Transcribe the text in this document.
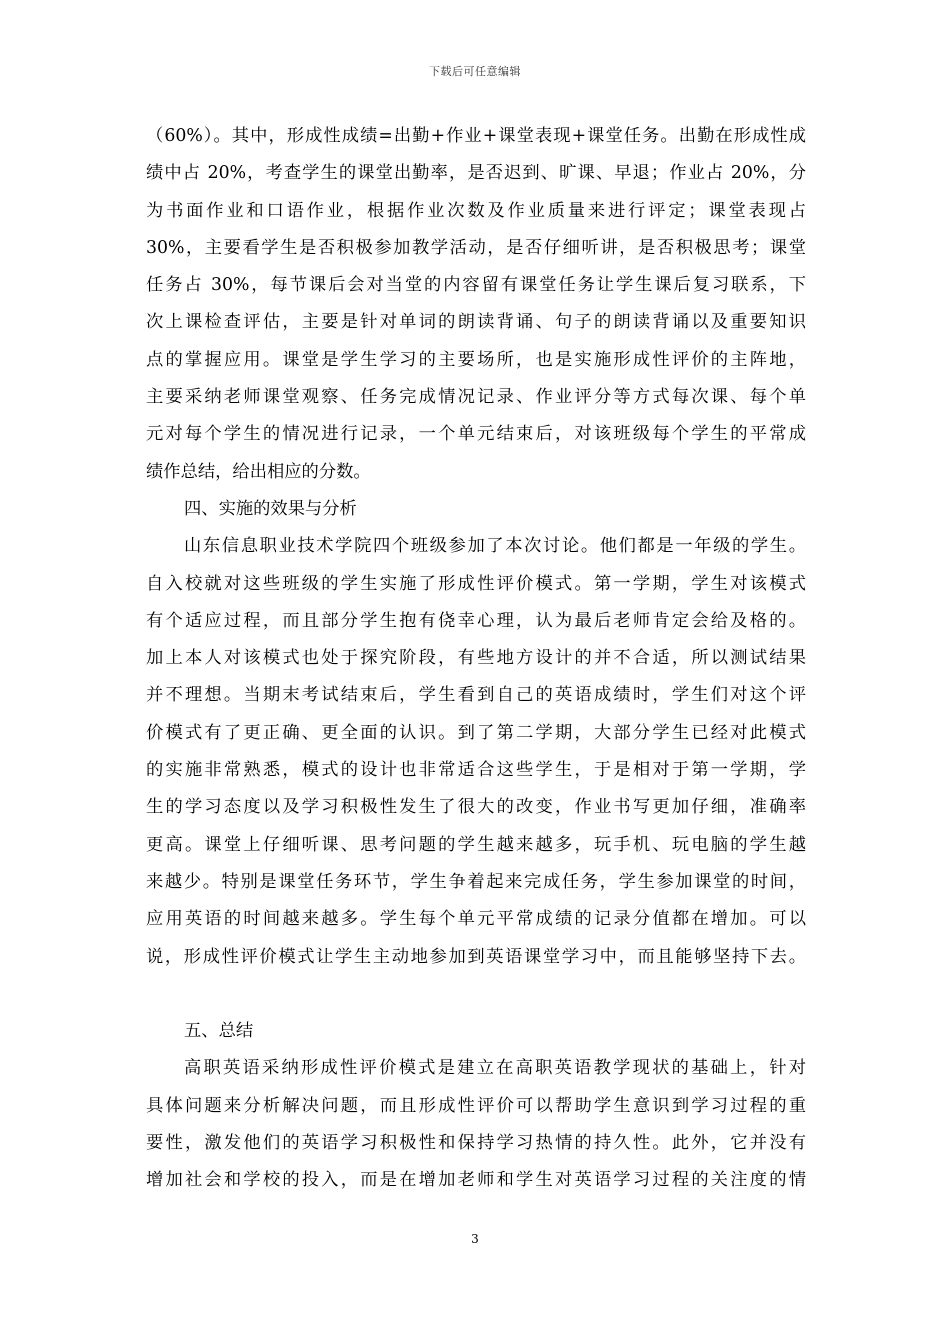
下载后可任意编辑
（60%）。其中，形成性成绩=出勤+作业+课堂表现+课堂任务。出勤在形成性成
绩中占 20%，考查学生的课堂出勤率，是否迟到、旷课、早退；作业占 20%，分
为书面作业和口语作业，根据作业次数及作业质量来进行评定；课堂表现占
30%，主要看学生是否积极参加教学活动，是否仔细听讲，是否积极思考；课堂
任务占 30%，每节课后会对当堂的内容留有课堂任务让学生课后复习联系，下
次上课检查评估，主要是针对单词的朗读背诵、句子的朗读背诵以及重要知识
点的掌握应用。课堂是学生学习的主要场所，也是实施形成性评价的主阵地，
主要采纳老师课堂观察、任务完成情况记录、作业评分等方式每次课、每个单
元对每个学生的情况进行记录，一个单元结束后，对该班级每个学生的平常成
绩作总结，给出相应的分数。
四、实施的效果与分析
山东信息职业技术学院四个班级参加了本次讨论。他们都是一年级的学生。
自入校就对这些班级的学生实施了形成性评价模式。第一学期，学生对该模式
有个适应过程，而且部分学生抱有侥幸心理，认为最后老师肯定会给及格的。
加上本人对该模式也处于探究阶段，有些地方设计的并不合适，所以测试结果
并不理想。当期末考试结束后，学生看到自己的英语成绩时，学生们对这个评
价模式有了更正确、更全面的认识。到了第二学期，大部分学生已经对此模式
的实施非常熟悉，模式的设计也非常适合这些学生，于是相对于第一学期，学
生的学习态度以及学习积极性发生了很大的改变，作业书写更加仔细，准确率
更高。课堂上仔细听课、思考问题的学生越来越多，玩手机、玩电脑的学生越
来越少。特别是课堂任务环节，学生争着起来完成任务，学生参加课堂的时间，
应用英语的时间越来越多。学生每个单元平常成绩的记录分值都在增加。可以
说，形成性评价模式让学生主动地参加到英语课堂学习中，而且能够坚持下去。
五、总结
高职英语采纳形成性评价模式是建立在高职英语教学现状的基础上，针对
具体问题来分析解决问题，而且形成性评价可以帮助学生意识到学习过程的重
要性，激发他们的英语学习积极性和保持学习热情的持久性。此外，它并没有
增加社会和学校的投入，而是在增加老师和学生对英语学习过程的关注度的情
3
